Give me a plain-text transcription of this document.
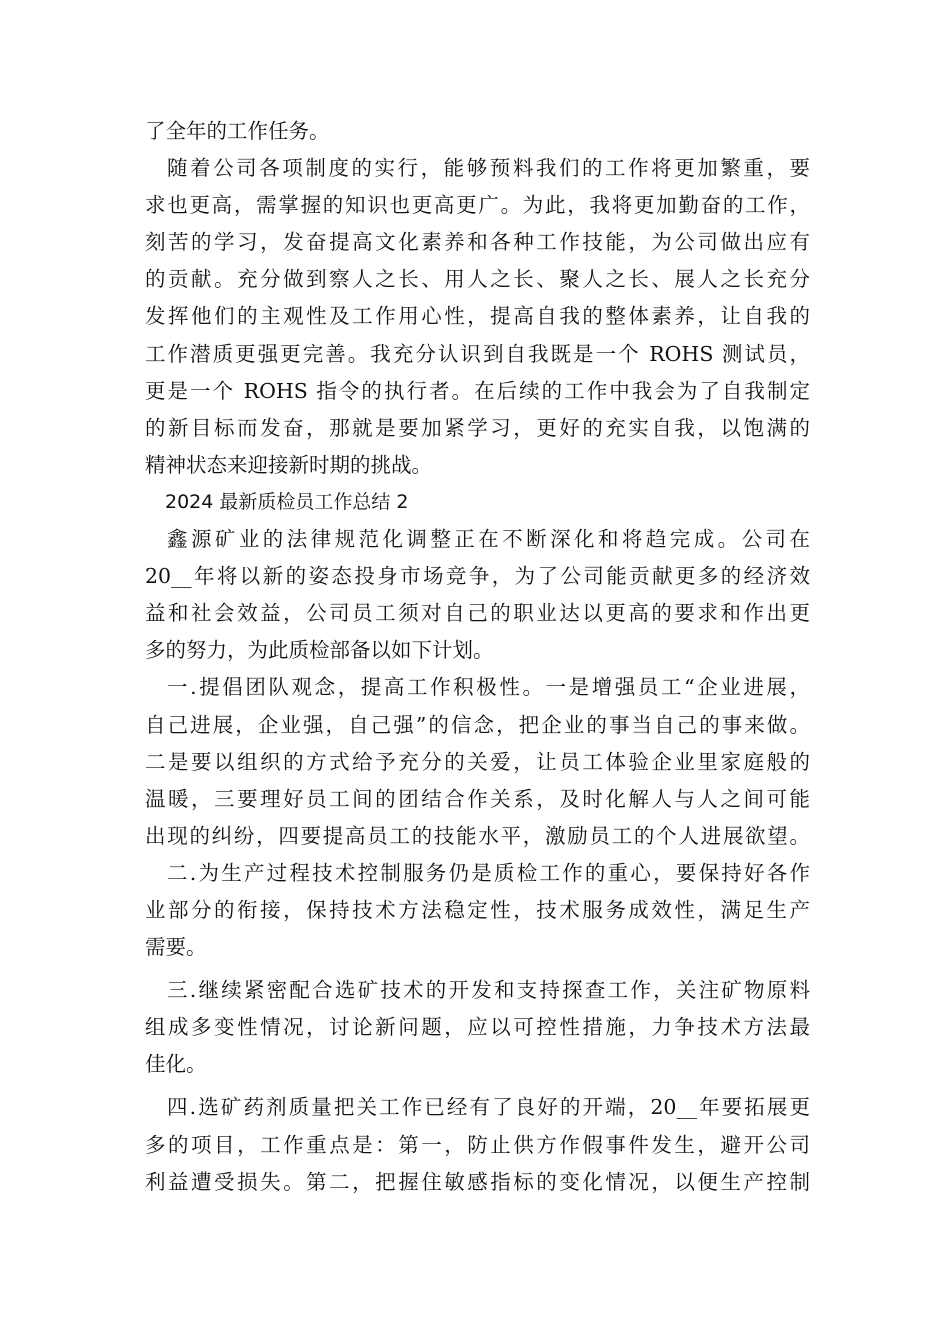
了全年的工作任务。
随着公司各项制度的实行，能够预料我们的工作将更加繁重，要
求也更高，需掌握的知识也更高更广。为此，我将更加勤奋的工作，
刻苦的学习，发奋提高文化素养和各种工作技能，为公司做出应有
的贡献。充分做到察人之长、用人之长、聚人之长、展人之长充分
发挥他们的主观性及工作用心性，提高自我的整体素养，让自我的
工作潜质更强更完善。我充分认识到自我既是一个 ROHS 测试员，
更是一个 ROHS 指令的执行者。在后续的工作中我会为了自我制定
的新目标而发奋，那就是要加紧学习，更好的充实自我，以饱满的
精神状态来迎接新时期的挑战。
2024 最新质检员工作总结 2
鑫源矿业的法律规范化调整正在不断深化和将趋完成。公司在
20__年将以新的姿态投身市场竞争，为了公司能贡献更多的经济效
益和社会效益，公司员工须对自己的职业达以更高的要求和作出更
多的努力，为此质检部备以如下计划。
一.提倡团队观念，提高工作积极性。一是增强员工“企业进展，
自己进展，企业强，自己强”的信念，把企业的事当自己的事来做。
二是要以组织的方式给予充分的关爱，让员工体验企业里家庭般的
温暖，三要理好员工间的团结合作关系，及时化解人与人之间可能
出现的纠纷，四要提高员工的技能水平，激励员工的个人进展欲望。
二.为生产过程技术控制服务仍是质检工作的重心，要保持好各作
业部分的衔接，保持技术方法稳定性，技术服务成效性，满足生产
需要。
三.继续紧密配合选矿技术的开发和支持探查工作，关注矿物原料
组成多变性情况，讨论新问题，应以可控性措施，力争技术方法最
佳化。
四.选矿药剂质量把关工作已经有了良好的开端，20__年要拓展更
多的项目，工作重点是：第一，防止供方作假事件发生，避开公司
利益遭受损失。第二，把握住敏感指标的变化情况，以便生产控制
